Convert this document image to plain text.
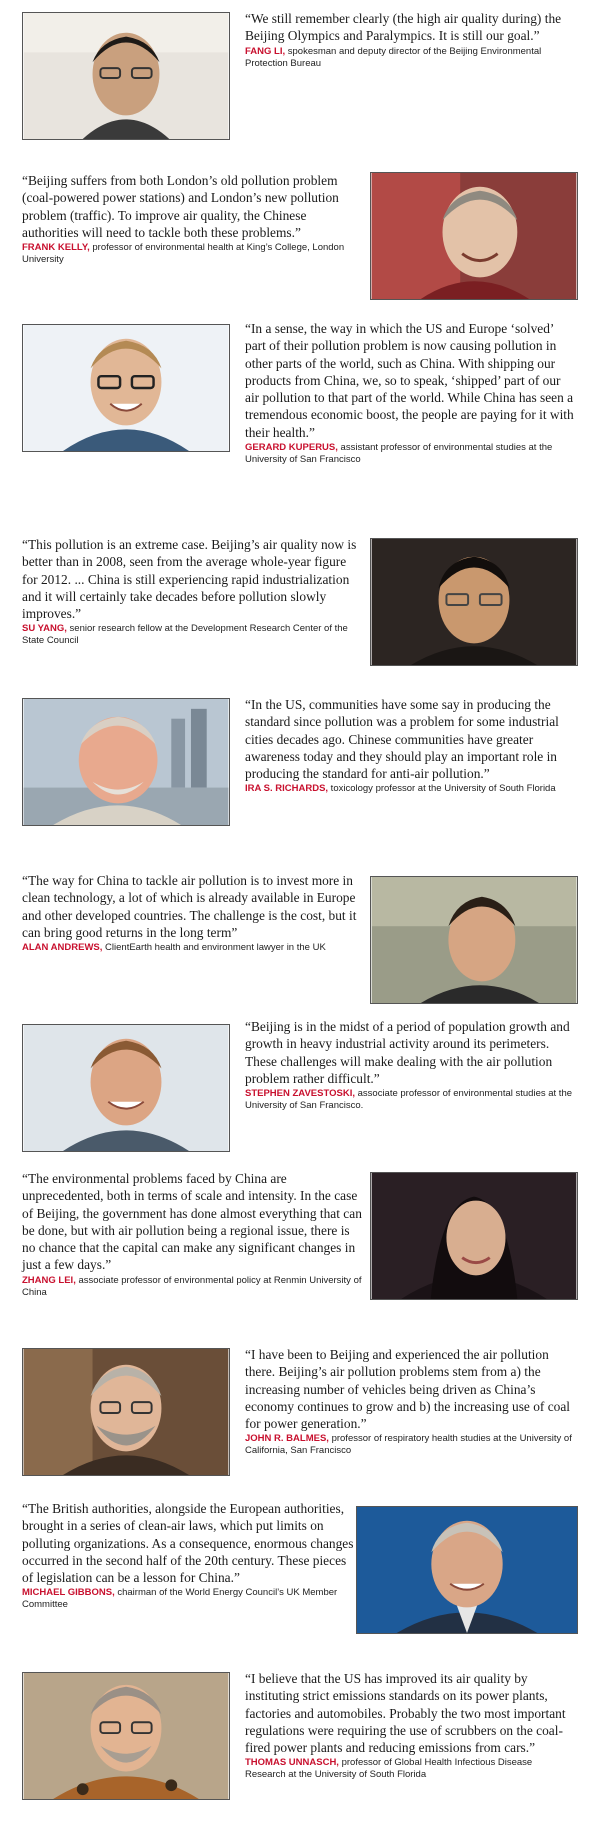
“We still remember clearly (the high air quality during) the Beijing Olympics and Paralympics. It is still our goal.”

FANG LI, spokesman and deputy director of the Beijing Environmental Protection Bureau

“Beijing suffers from both London’s old pollution problem (coal-powered power stations) and London’s new pollution problem (traffic). To improve air quality, the Chinese authorities will need to tackle both these problems.”

FRANK KELLY, professor of environmental health at King’s College, London University

“In a sense, the way in which the US and Europe ‘solved’ part of their pollution problem is now causing pollution in other parts of the world, such as China. With shipping our products from China, we, so to speak, ‘shipped’ part of our air pollution to that part of the world. While China has seen a tremendous economic boost, the people are paying for it with their health.”

GERARD KUPERUS, assistant professor of environmental studies at the University of San Francisco

“This pollution is an extreme case. Beijing’s air quality now is better than in 2008, seen from the average whole-year figure for 2012. ... China is still experiencing rapid industrialization and it will certainly take decades before pollution slowly improves.”

SU YANG, senior research fellow at the Development Research Center of the State Council

“In the US, communities have some say in producing the standard since pollution was a problem for some industrial cities decades ago. Chinese communities have greater awareness today and they should play an important role in producing the standard for anti-air pollution.”

IRA S. RICHARDS, toxicology professor at the University of South Florida

“The way for China to tackle air pollution is to invest more in clean technology, a lot of which is already available in Europe and other developed countries. The challenge is the cost, but it can bring good returns in the long term”

ALAN ANDREWS, ClientEarth health and environment lawyer in the UK

“Beijing is in the midst of a period of population growth and growth in heavy industrial activity around its perimeters. These challenges will make dealing with the air pollution problem rather difficult.”

STEPHEN ZAVESTOSKI, associate professor of environmental studies at the University of San Francisco.

“The environmental problems faced by China are unprecedented, both in terms of scale and intensity. In the case of Beijing, the government has done almost everything that can be done, but with air pollution being a regional issue, there is no chance that the capital can make any significant changes in just a few days.”

ZHANG LEI, associate professor of environmental policy at Renmin University of China

“I have been to Beijing and experienced the air pollution there. Beijing’s air pollution problems stem from a) the increasing number of vehicles being driven as China’s economy continues to grow and b) the increasing use of coal for power generation.”

JOHN R. BALMES, professor of respiratory health studies at the University of California, San Francisco

“The British authorities, alongside the European authorities, brought in a series of clean-air laws, which put limits on polluting organizations. As a consequence, enormous changes occurred in the second half of the 20th century. These pieces of legislation can be a lesson for China.”

MICHAEL GIBBONS, chairman of the World Energy Council’s UK Member Committee

“I believe that the US has improved its air quality by instituting strict emissions standards on its power plants, factories and automobiles. Probably the two most important regulations were requiring the use of scrubbers on the coal-fired power plants and reducing emissions from cars.”

THOMAS UNNASCH, professor of Global Health Infectious Disease Research at the University of South Florida
